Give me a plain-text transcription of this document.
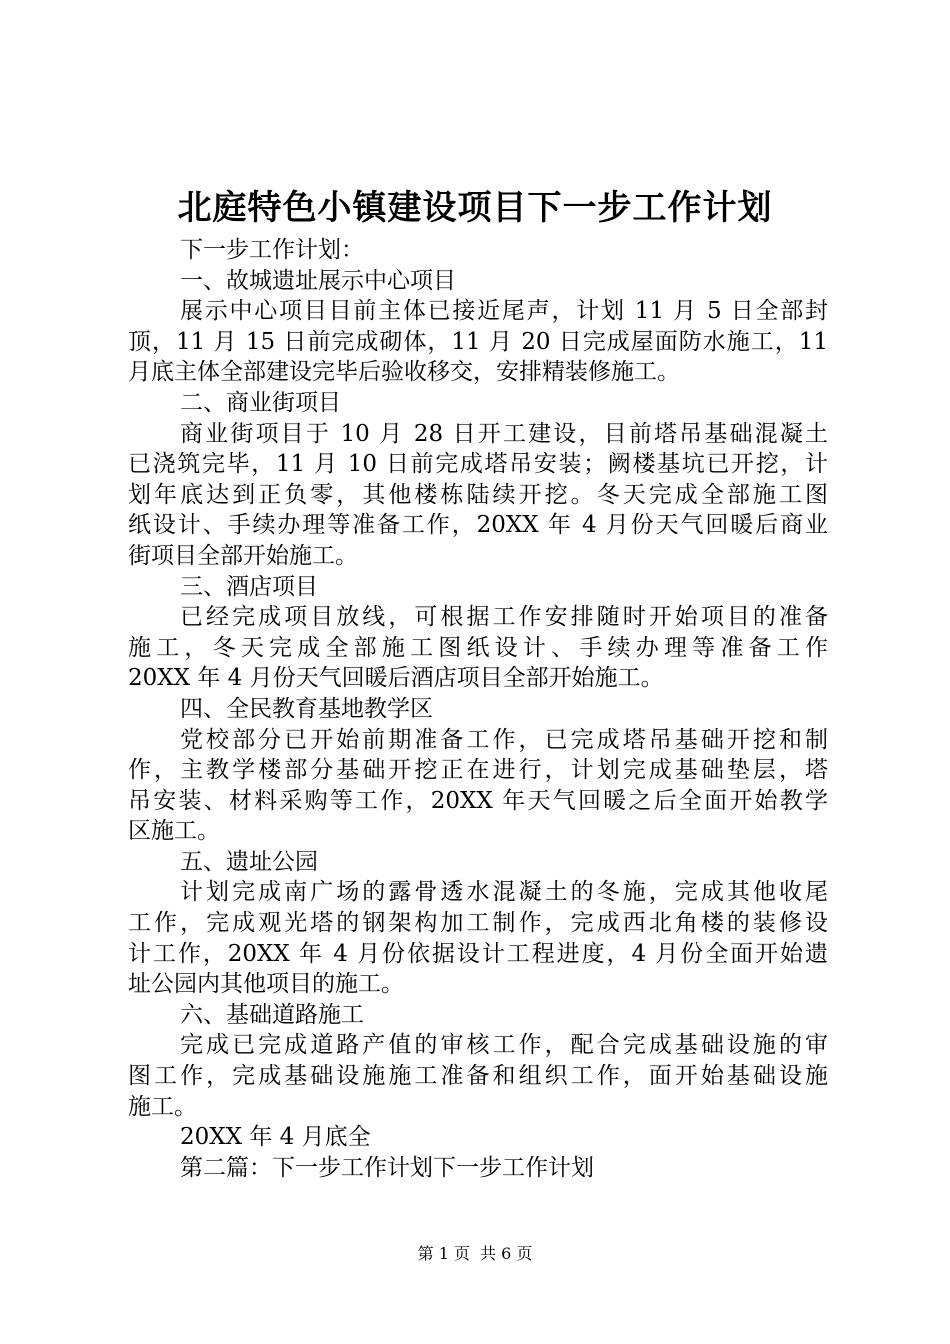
北庭特色小镇建设项目下一步工作计划
下一步工作计划：
一、故城遗址展示中心项目
展示中心项目目前主体已接近尾声，计划 11 月 5 日全部封
顶，11 月 15 日前完成砌体，11 月 20 日完成屋面防水施工，11
月底主体全部建设完毕后验收移交，安排精装修施工。
二、商业街项目
商业街项目于 10 月 28 日开工建设，目前塔吊基础混凝土
已浇筑完毕，11 月 10 日前完成塔吊安装；阙楼基坑已开挖，计
划年底达到正负零，其他楼栋陆续开挖。冬天完成全部施工图
纸设计、手续办理等准备工作，20XX 年 4 月份天气回暖后商业
街项目全部开始施工。
三、酒店项目
已经完成项目放线，可根据工作安排随时开始项目的准备
施工，冬天完成全部施工图纸设计、手续办理等准备工作
20XX 年 4 月份天气回暖后酒店项目全部开始施工。
四、全民教育基地教学区
党校部分已开始前期准备工作，已完成塔吊基础开挖和制
作，主教学楼部分基础开挖正在进行，计划完成基础垫层，塔
吊安装、材料采购等工作，20XX 年天气回暖之后全面开始教学
区施工。
五、遗址公园
计划完成南广场的露骨透水混凝土的冬施，完成其他收尾
工作，完成观光塔的钢架构加工制作，完成西北角楼的装修设
计工作，20XX 年 4 月份依据设计工程进度，4 月份全面开始遗
址公园内其他项目的施工。
六、基础道路施工
完成已完成道路产值的审核工作，配合完成基础设施的审
图工作，完成基础设施施工准备和组织工作，面开始基础设施
施工。
20XX 年 4 月底全
第二篇：下一步工作计划下一步工作计划
第 1 页 共 6 页
